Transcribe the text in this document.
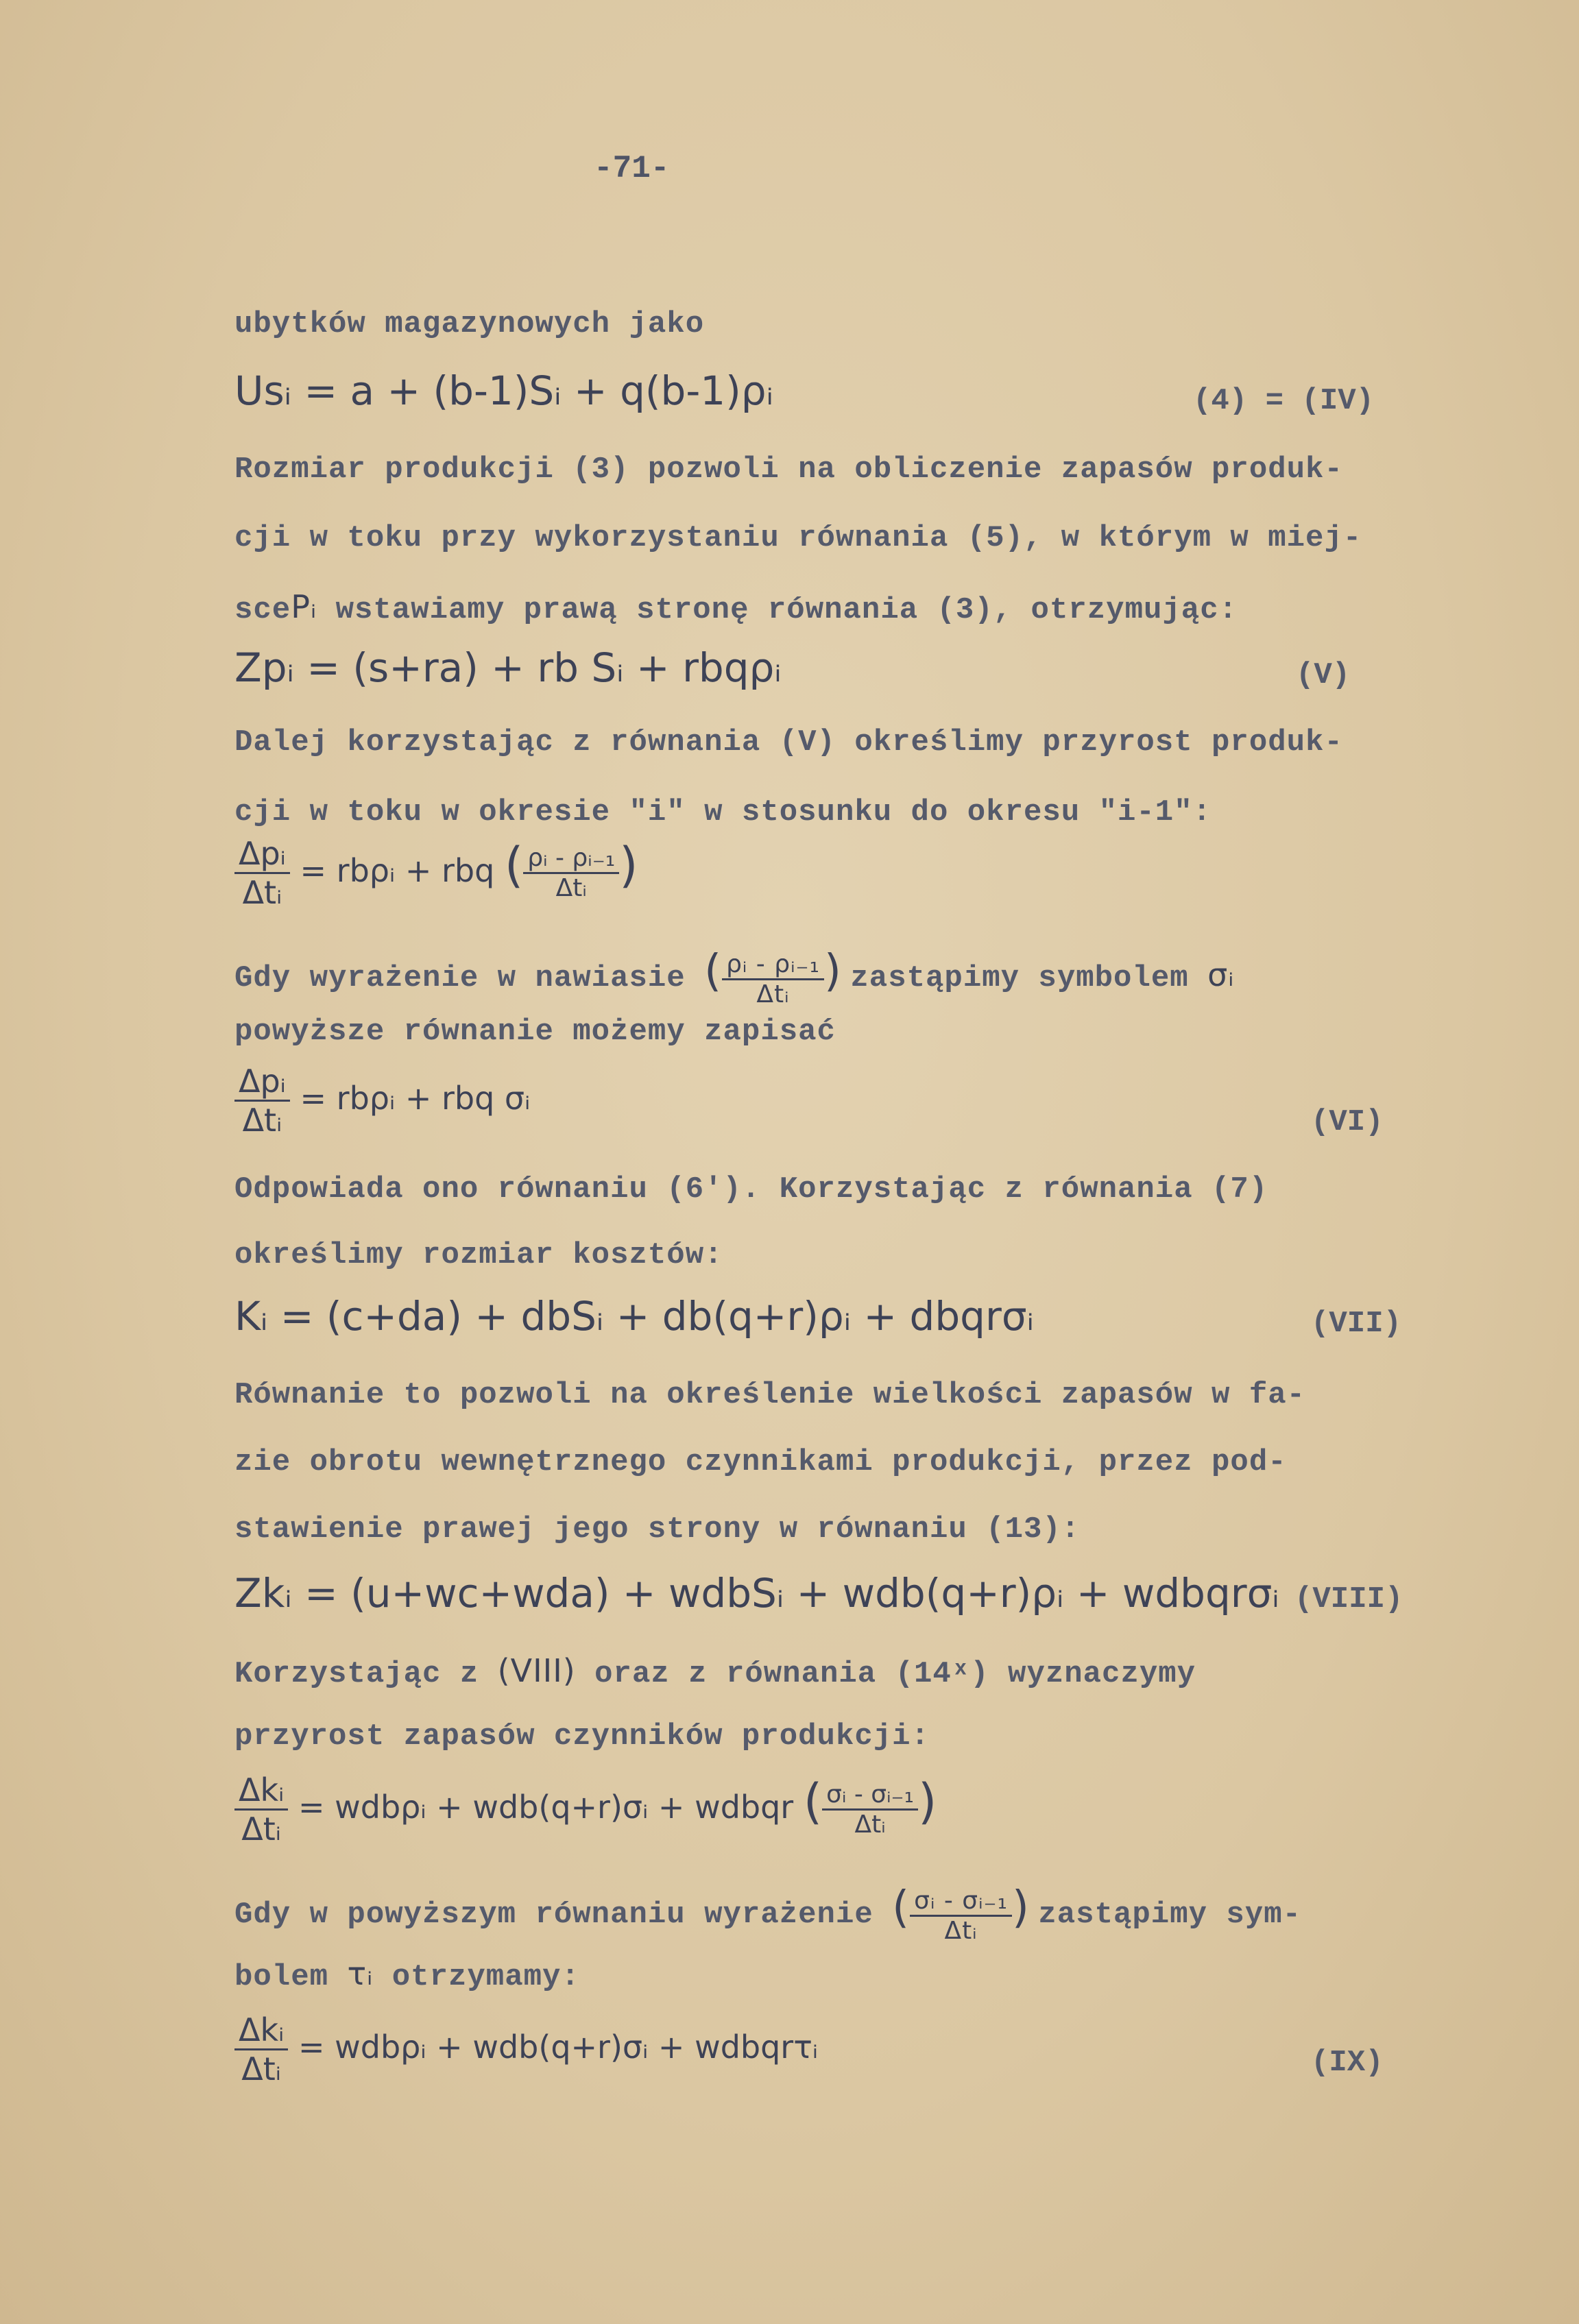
-71-
ubytków magazynowych jako
Usᵢ = a + (b-1)Sᵢ + q(b-1)ρᵢ	(4) = (IV)
Rozmiar produkcji (3) pozwoli na obliczenie zapasów produk-
cji w toku przy wykorzystaniu równania (5), w którym w miej-
scePᵢ wstawiamy prawą stronę równania (3), otrzymując:
Zpᵢ = (s+ra) + rb Sᵢ + rbqρᵢ	(V)
Dalej korzystając z równania (V) określimy przyrost produk-
cji w toku w okresie "i" w stosunku do okresu "i-1":
$\frac{\text{Δpᵢ}}{\text{Δtᵢ}}$ = rbρᵢ + rbq ( $\frac{\text{ρᵢ - ρᵢ₋₁}}{\text{Δtᵢ}}$ )
Gdy wyrażenie w nawiasie ( $\frac{\text{ρᵢ - ρᵢ₋₁}}{\text{Δtᵢ}}$ ) zastąpimy symbolem σᵢ
powyższe równanie możemy zapisać
$\frac{\text{Δpᵢ}}{\text{Δtᵢ}}$ = rbρᵢ + rbq σᵢ
(VI)
Odpowiada ono równaniu (6'). Korzystając z równania (7)
określimy rozmiar kosztów:
Kᵢ = (c+da) + dbSᵢ + db(q+r)ρᵢ + dbqrσᵢ	(VII)
Równanie to pozwoli na określenie wielkości zapasów w fa-
zie obrotu wewnętrznego czynnikami produkcji, przez pod-
stawienie prawej jego strony w równaniu (13):
Zkᵢ = (u+wc+wda) + wdbSᵢ + wdb(q+r)ρᵢ + wdbqrσᵢ (VIII)
Korzystając z (VIII) oraz z równania (14ˣ) wyznaczymy
przyrost zapasów czynników produkcji:
$\frac{\text{Δkᵢ}}{\text{Δtᵢ}}$ = wdbρᵢ + wdb(q+r)σᵢ + wdbqr ( $\frac{\text{σᵢ - σᵢ₋₁}}{\text{Δtᵢ}}$ )
Gdy w powyższym równaniu wyrażenie ( $\frac{\text{σᵢ - σᵢ₋₁}}{\text{Δtᵢ}}$ ) zastąpimy sym-
bolem τᵢ otrzymamy:
$\frac{\text{Δkᵢ}}{\text{Δtᵢ}}$ = wdbρᵢ + wdb(q+r)σᵢ + wdbqrτᵢ	(IX)
